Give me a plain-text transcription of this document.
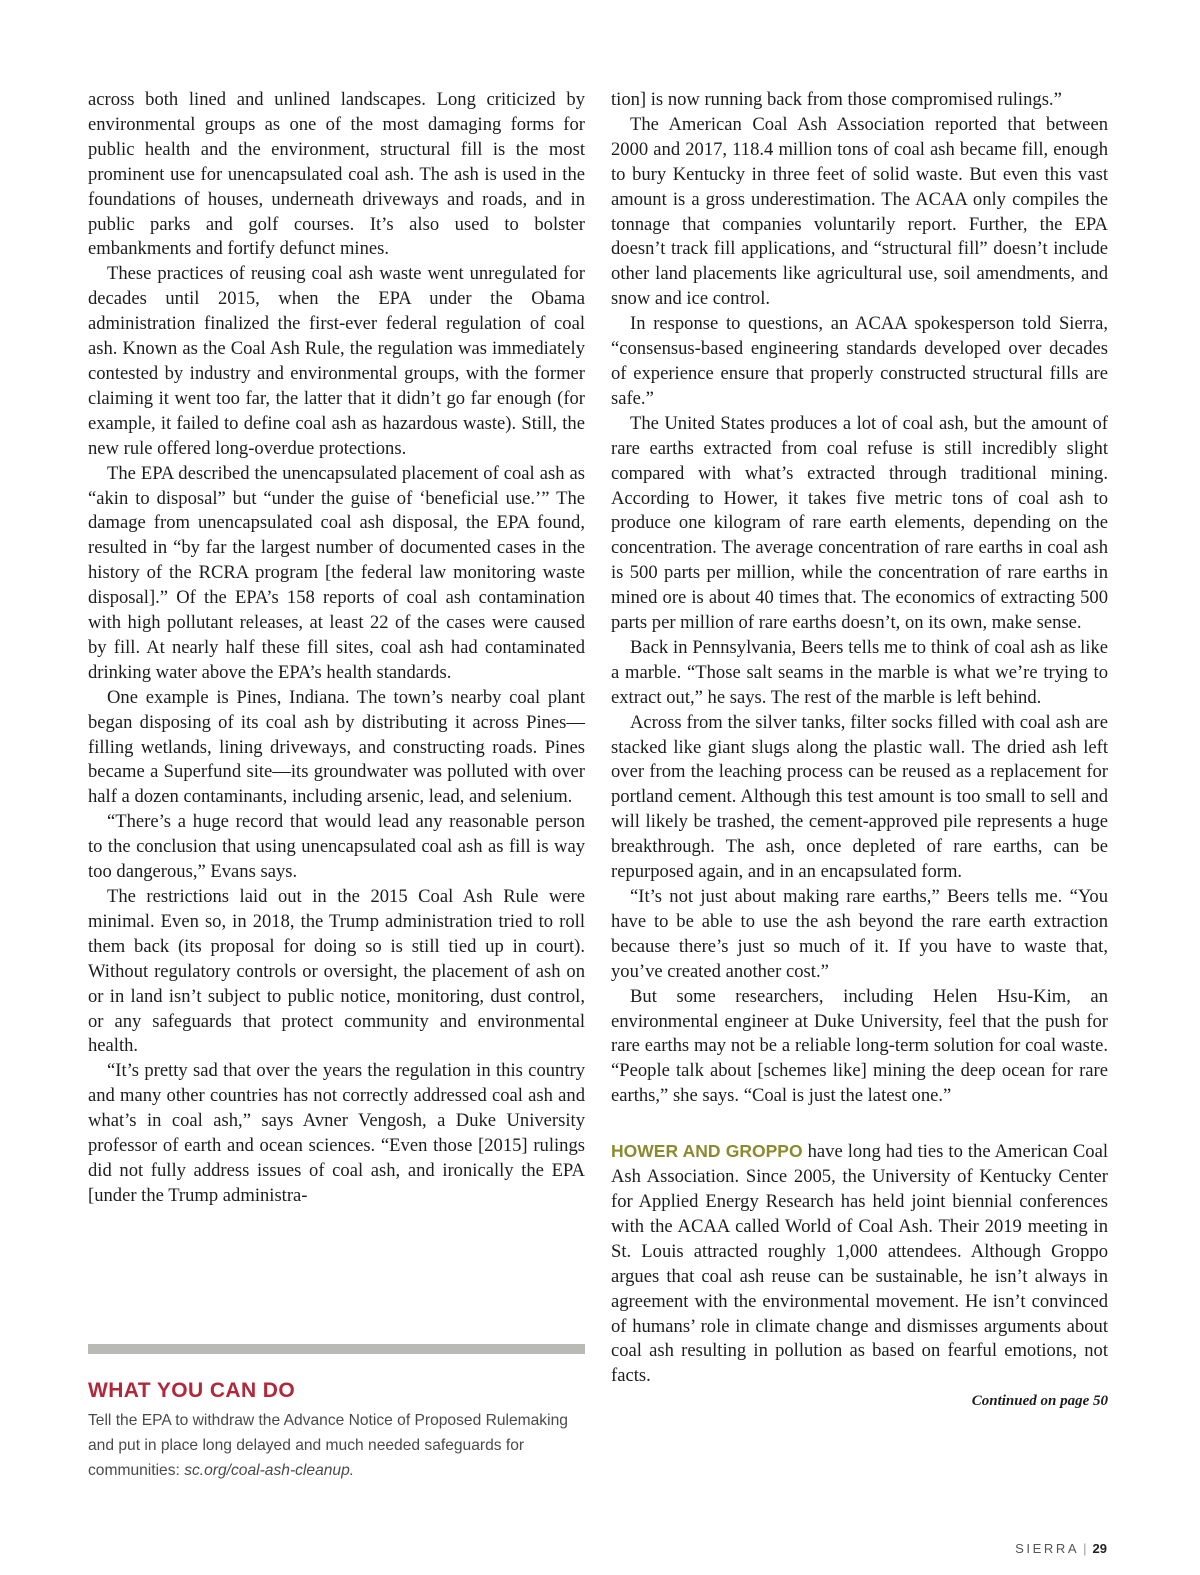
across both lined and unlined landscapes. Long criticized by environmental groups as one of the most damaging forms for public health and the environment, structural fill is the most prominent use for unencapsulated coal ash. The ash is used in the foundations of houses, underneath driveways and roads, and in public parks and golf courses. It’s also used to bolster embankments and fortify defunct mines.

These practices of reusing coal ash waste went unregulated for decades until 2015, when the EPA under the Obama administration finalized the first-ever federal regulation of coal ash. Known as the Coal Ash Rule, the regulation was immediately contested by industry and environmental groups, with the former claiming it went too far, the latter that it didn’t go far enough (for example, it failed to define coal ash as hazardous waste). Still, the new rule offered long-overdue protections.

The EPA described the unencapsulated placement of coal ash as “akin to disposal” but “under the guise of ‘beneficial use.’” The damage from unencapsulated coal ash disposal, the EPA found, resulted in “by far the largest number of documented cases in the history of the RCRA program [the federal law monitoring waste disposal].” Of the EPA’s 158 reports of coal ash contamination with high pollutant releases, at least 22 of the cases were caused by fill. At nearly half these fill sites, coal ash had contaminated drinking water above the EPA’s health standards.

One example is Pines, Indiana. The town’s nearby coal plant began disposing of its coal ash by distributing it across Pines—filling wetlands, lining driveways, and constructing roads. Pines became a Superfund site—its groundwater was polluted with over half a dozen contaminants, including arsenic, lead, and selenium.

“There’s a huge record that would lead any reasonable person to the conclusion that using unencapsulated coal ash as fill is way too dangerous,” Evans says.

The restrictions laid out in the 2015 Coal Ash Rule were minimal. Even so, in 2018, the Trump administration tried to roll them back (its proposal for doing so is still tied up in court). Without regulatory controls or oversight, the placement of ash on or in land isn’t subject to public notice, monitoring, dust control, or any safeguards that protect community and environmental health.

“It’s pretty sad that over the years the regulation in this country and many other countries has not correctly addressed coal ash and what’s in coal ash,” says Avner Vengosh, a Duke University professor of earth and ocean sciences. “Even those [2015] rulings did not fully address issues of coal ash, and ironically the EPA [under the Trump administra-

tion] is now running back from those compromised rulings.”

The American Coal Ash Association reported that between 2000 and 2017, 118.4 million tons of coal ash became fill, enough to bury Kentucky in three feet of solid waste. But even this vast amount is a gross underestimation. The ACAA only compiles the tonnage that companies voluntarily report. Further, the EPA doesn’t track fill applications, and “structural fill” doesn’t include other land placements like agricultural use, soil amendments, and snow and ice control.

In response to questions, an ACAA spokesperson told Sierra, “consensus-based engineering standards developed over decades of experience ensure that properly constructed structural fills are safe.”

The United States produces a lot of coal ash, but the amount of rare earths extracted from coal refuse is still incredibly slight compared with what’s extracted through traditional mining. According to Hower, it takes five metric tons of coal ash to produce one kilogram of rare earth elements, depending on the concentration. The average concentration of rare earths in coal ash is 500 parts per million, while the concentration of rare earths in mined ore is about 40 times that. The economics of extracting 500 parts per million of rare earths doesn’t, on its own, make sense.

Back in Pennsylvania, Beers tells me to think of coal ash as like a marble. “Those salt seams in the marble is what we’re trying to extract out,” he says. The rest of the marble is left behind.

Across from the silver tanks, filter socks filled with coal ash are stacked like giant slugs along the plastic wall. The dried ash left over from the leaching process can be reused as a replacement for portland cement. Although this test amount is too small to sell and will likely be trashed, the cement-approved pile represents a huge breakthrough. The ash, once depleted of rare earths, can be repurposed again, and in an encapsulated form.

“It’s not just about making rare earths,” Beers tells me. “You have to be able to use the ash beyond the rare earth extraction because there’s just so much of it. If you have to waste that, you’ve created another cost.”

But some researchers, including Helen Hsu-Kim, an environmental engineer at Duke University, feel that the push for rare earths may not be a reliable long-term solution for coal waste. “People talk about [schemes like] mining the deep ocean for rare earths,” she says. “Coal is just the latest one.”

HOWER AND GROPPO have long had ties to the American Coal Ash Association. Since 2005, the University of Kentucky Center for Applied Energy Research has held joint biennial conferences with the ACAA called World of Coal Ash. Their 2019 meeting in St. Louis attracted roughly 1,000 attendees. Although Groppo argues that coal ash reuse can be sustainable, he isn’t always in agreement with the environmental movement. He isn’t convinced of humans’ role in climate change and dismisses arguments about coal ash resulting in pollution as based on fearful emotions, not facts.

Continued on page 50
WHAT YOU CAN DO
Tell the EPA to withdraw the Advance Notice of Proposed Rulemaking and put in place long delayed and much needed safeguards for communities: sc.org/coal-ash-cleanup.
SIERRA | 29
